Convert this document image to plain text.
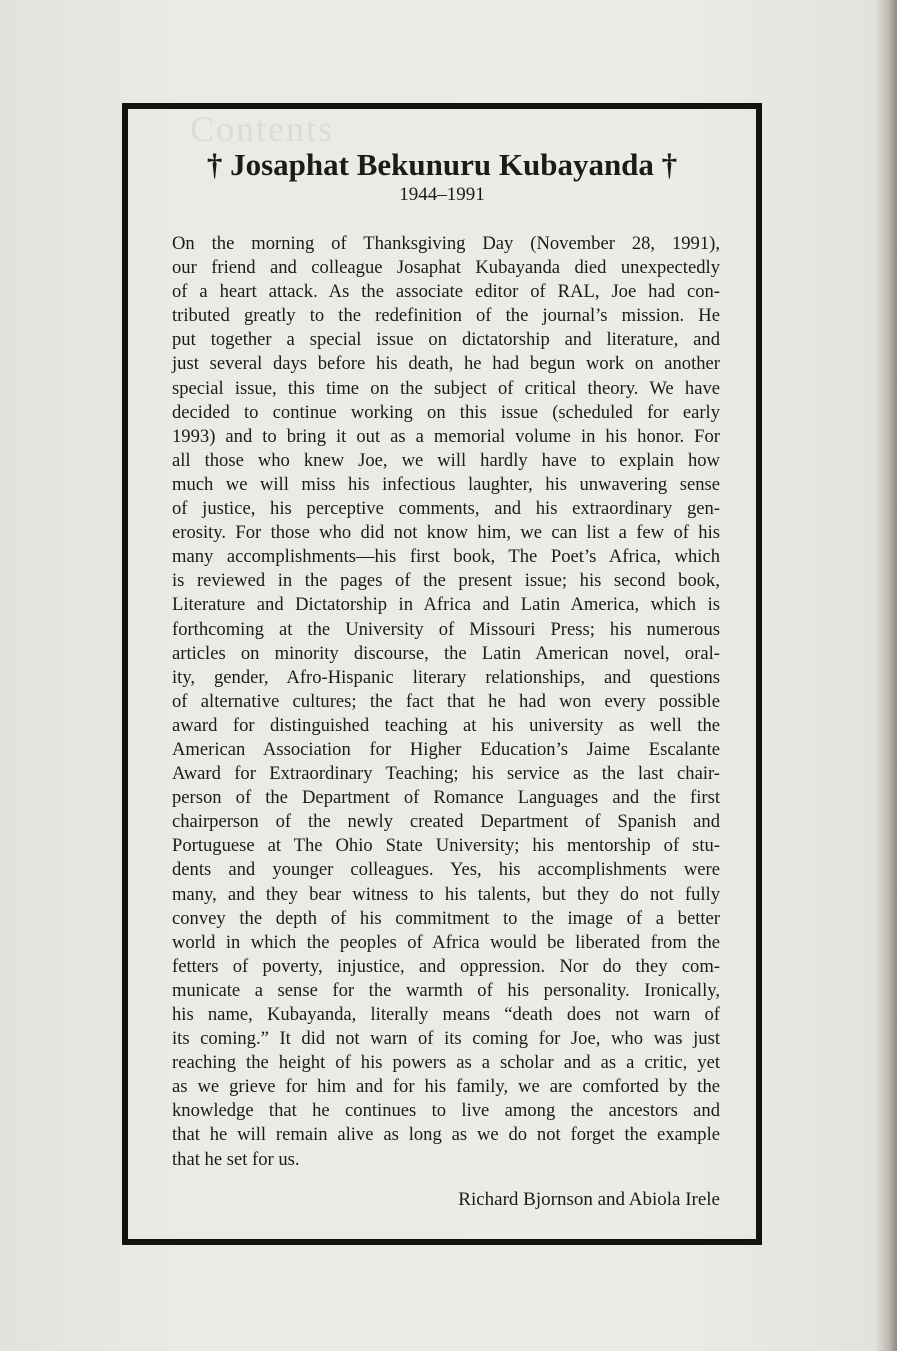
Contents
† Josaphat Bekunuru Kubayanda †
1944–1991
On the morning of Thanksgiving Day (November 28, 1991),
our friend and colleague Josaphat Kubayanda died unexpectedly
of a heart attack. As the associate editor of RAL, Joe had con-
tributed greatly to the redefinition of the journal’s mission. He
put together a special issue on dictatorship and literature, and
just several days before his death, he had begun work on another
special issue, this time on the subject of critical theory. We have
decided to continue working on this issue (scheduled for early
1993) and to bring it out as a memorial volume in his honor. For
all those who knew Joe, we will hardly have to explain how
much we will miss his infectious laughter, his unwavering sense
of justice, his perceptive comments, and his extraordinary gen-
erosity. For those who did not know him, we can list a few of his
many accomplishments—his first book, The Poet’s Africa, which
is reviewed in the pages of the present issue; his second book,
Literature and Dictatorship in Africa and Latin America, which is
forthcoming at the University of Missouri Press; his numerous
articles on minority discourse, the Latin American novel, oral-
ity, gender, Afro-Hispanic literary relationships, and questions
of alternative cultures; the fact that he had won every possible
award for distinguished teaching at his university as well the
American Association for Higher Education’s Jaime Escalante
Award for Extraordinary Teaching; his service as the last chair-
person of the Department of Romance Languages and the first
chairperson of the newly created Department of Spanish and
Portuguese at The Ohio State University; his mentorship of stu-
dents and younger colleagues. Yes, his accomplishments were
many, and they bear witness to his talents, but they do not fully
convey the depth of his commitment to the image of a better
world in which the peoples of Africa would be liberated from the
fetters of poverty, injustice, and oppression. Nor do they com-
municate a sense for the warmth of his personality. Ironically,
his name, Kubayanda, literally means “death does not warn of
its coming.” It did not warn of its coming for Joe, who was just
reaching the height of his powers as a scholar and as a critic, yet
as we grieve for him and for his family, we are comforted by the
knowledge that he continues to live among the ancestors and
that he will remain alive as long as we do not forget the example
that he set for us.
Richard Bjornson and Abiola Irele
